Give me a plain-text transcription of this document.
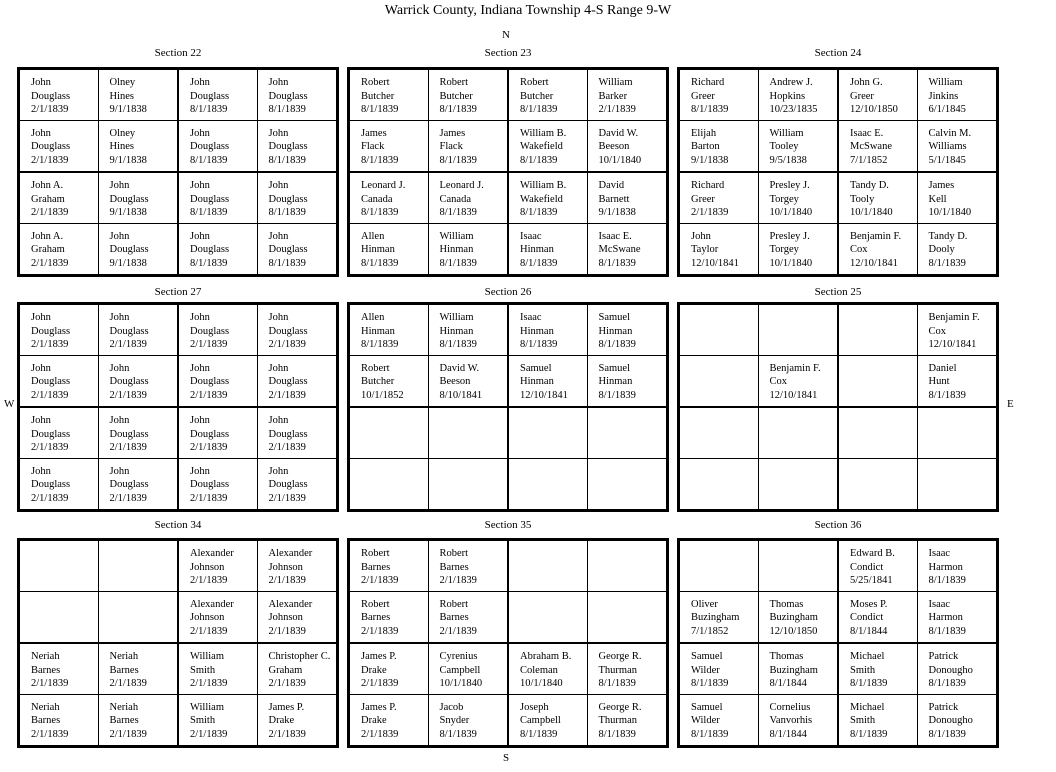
Warrick County, Indiana Township 4-S Range 9-W
N
S
W	E
Section 22
John
Douglass
2/1/1839
Olney
Hines
9/1/1838
John
Douglass
2/1/1839
Olney
Hines
9/1/1838
John
Douglass
8/1/1839
John
Douglass
8/1/1839
John
Douglass
8/1/1839
John
Douglass
8/1/1839
John A.
Graham
2/1/1839
John
Douglass
9/1/1838
John A.
Graham
2/1/1839
John
Douglass
9/1/1838
John
Douglass
8/1/1839
John
Douglass
8/1/1839
John
Douglass
8/1/1839
John
Douglass
8/1/1839
Section 23
Robert
Butcher
8/1/1839
Robert
Butcher
8/1/1839
James
Flack
8/1/1839
James
Flack
8/1/1839
Robert
Butcher
8/1/1839
William
Barker
2/1/1839
William B.
Wakefield
8/1/1839
David W.
Beeson
10/1/1840
Leonard J.
Canada
8/1/1839
Leonard J.
Canada
8/1/1839
Allen
Hinman
8/1/1839
William
Hinman
8/1/1839
William B.
Wakefield
8/1/1839
David
Barnett
9/1/1838
Isaac
Hinman
8/1/1839
Isaac E.
McSwane
8/1/1839
Section 24
Richard
Greer
8/1/1839
Andrew J.
Hopkins
10/23/1835
Elijah
Barton
9/1/1838
William
Tooley
9/5/1838
John G.
Greer
12/10/1850
William
Jinkins
6/1/1845
Isaac E.
McSwane
7/1/1852
Calvin M.
Williams
5/1/1845
Richard
Greer
2/1/1839
Presley J.
Torgey
10/1/1840
John
Taylor
12/10/1841
Presley J.
Torgey
10/1/1840
Tandy D.
Tooly
10/1/1840
James
Kell
10/1/1840
Benjamin F.
Cox
12/10/1841
Tandy D.
Dooly
8/1/1839
Section 27
John
Douglass
2/1/1839
John
Douglass
2/1/1839
John
Douglass
2/1/1839
John
Douglass
2/1/1839
John
Douglass
2/1/1839
John
Douglass
2/1/1839
John
Douglass
2/1/1839
John
Douglass
2/1/1839
John
Douglass
2/1/1839
John
Douglass
2/1/1839
John
Douglass
2/1/1839
John
Douglass
2/1/1839
John
Douglass
2/1/1839
John
Douglass
2/1/1839
John
Douglass
2/1/1839
John
Douglass
2/1/1839
Section 26
Allen
Hinman
8/1/1839
William
Hinman
8/1/1839
Robert
Butcher
10/1/1852
David W.
Beeson
8/10/1841
Isaac
Hinman
8/1/1839
Samuel
Hinman
8/1/1839
Samuel
Hinman
12/10/1841
Samuel
Hinman
8/1/1839
Section 25
Benjamin F.
Cox
12/10/1841
Benjamin F.
Cox
12/10/1841
Daniel
Hunt
8/1/1839
Section 34
Alexander
Johnson
2/1/1839
Alexander
Johnson
2/1/1839
Alexander
Johnson
2/1/1839
Alexander
Johnson
2/1/1839
Neriah
Barnes
2/1/1839
Neriah
Barnes
2/1/1839
Neriah
Barnes
2/1/1839
Neriah
Barnes
2/1/1839
William
Smith
2/1/1839
Christopher C.
Graham
2/1/1839
William
Smith
2/1/1839
James P.
Drake
2/1/1839
Section 35
Robert
Barnes
2/1/1839
Robert
Barnes
2/1/1839
Robert
Barnes
2/1/1839
Robert
Barnes
2/1/1839
James P.
Drake
2/1/1839
Cyrenius
Campbell
10/1/1840
James P.
Drake
2/1/1839
Jacob
Snyder
8/1/1839
Abraham B.
Coleman
10/1/1840
George R.
Thurman
8/1/1839
Joseph
Campbell
8/1/1839
George R.
Thurman
8/1/1839
Section 36
Oliver
Buzingham
7/1/1852
Thomas
Buzingham
12/10/1850
Edward B.
Condict
5/25/1841
Isaac
Harmon
8/1/1839
Moses P.
Condict
8/1/1844
Isaac
Harmon
8/1/1839
Samuel
Wilder
8/1/1839
Thomas
Buzingham
8/1/1844
Samuel
Wilder
8/1/1839
Cornelius
Vanvorhis
8/1/1844
Michael
Smith
8/1/1839
Patrick
Donougho
8/1/1839
Michael
Smith
8/1/1839
Patrick
Donougho
8/1/1839
